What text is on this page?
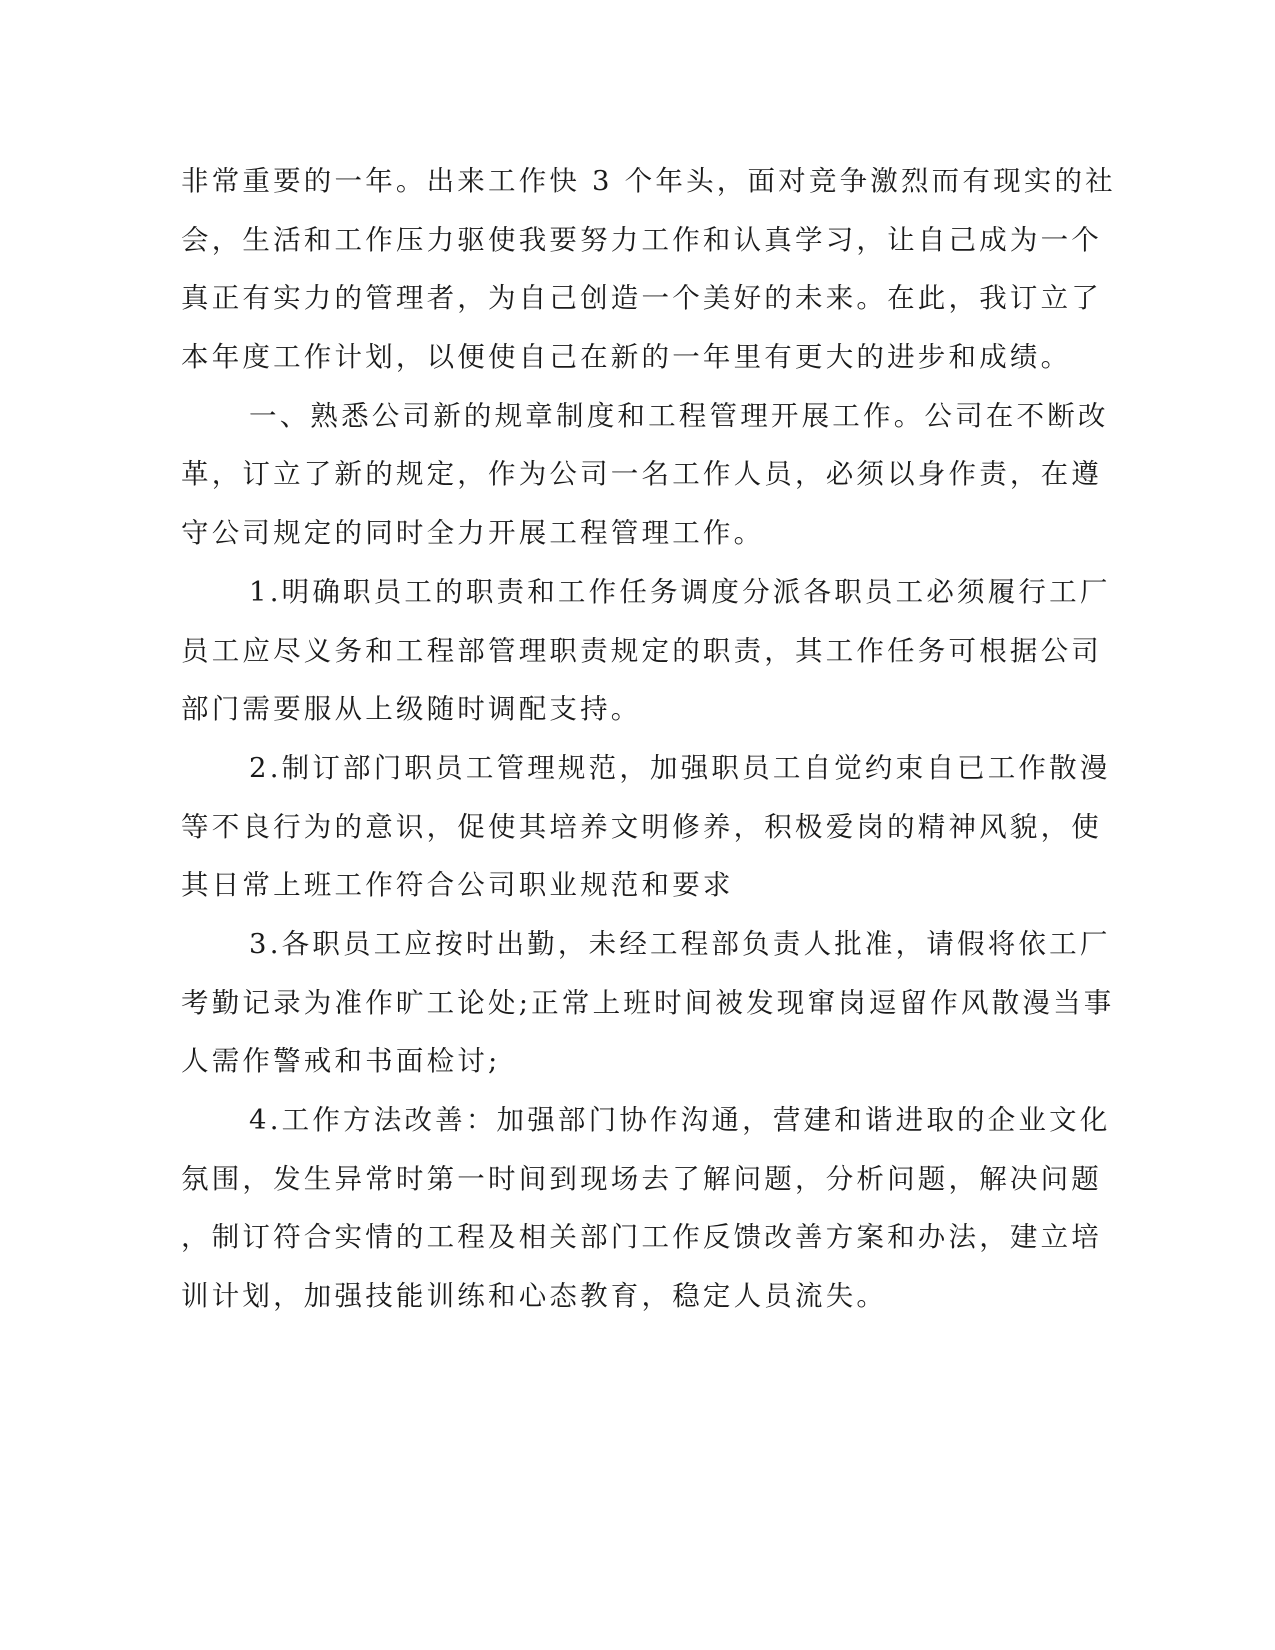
非常重要的一年。出来工作快 3 个年头，面对竞争激烈而有现实的社
会，生活和工作压力驱使我要努力工作和认真学习，让自己成为一个
真正有实力的管理者，为自己创造一个美好的未来。在此，我订立了
本年度工作计划，以便使自己在新的一年里有更大的进步和成绩。
一、熟悉公司新的规章制度和工程管理开展工作。公司在不断改
革，订立了新的规定，作为公司一名工作人员，必须以身作责，在遵
守公司规定的同时全力开展工程管理工作。
1.明确职员工的职责和工作任务调度分派各职员工必须履行工厂
员工应尽义务和工程部管理职责规定的职责，其工作任务可根据公司
部门需要服从上级随时调配支持。
2.制订部门职员工管理规范，加强职员工自觉约束自已工作散漫
等不良行为的意识，促使其培养文明修养，积极爱岗的精神风貌，使
其日常上班工作符合公司职业规范和要求
3.各职员工应按时出勤，未经工程部负责人批准，请假将依工厂
考勤记录为准作旷工论处;正常上班时间被发现窜岗逗留作风散漫当事
人需作警戒和书面检讨;
4.工作方法改善：加强部门协作沟通，营建和谐进取的企业文化
氛围，发生异常时第一时间到现场去了解问题，分析问题，解决问题
，制订符合实情的工程及相关部门工作反馈改善方案和办法，建立培
训计划，加强技能训练和心态教育，稳定人员流失。
